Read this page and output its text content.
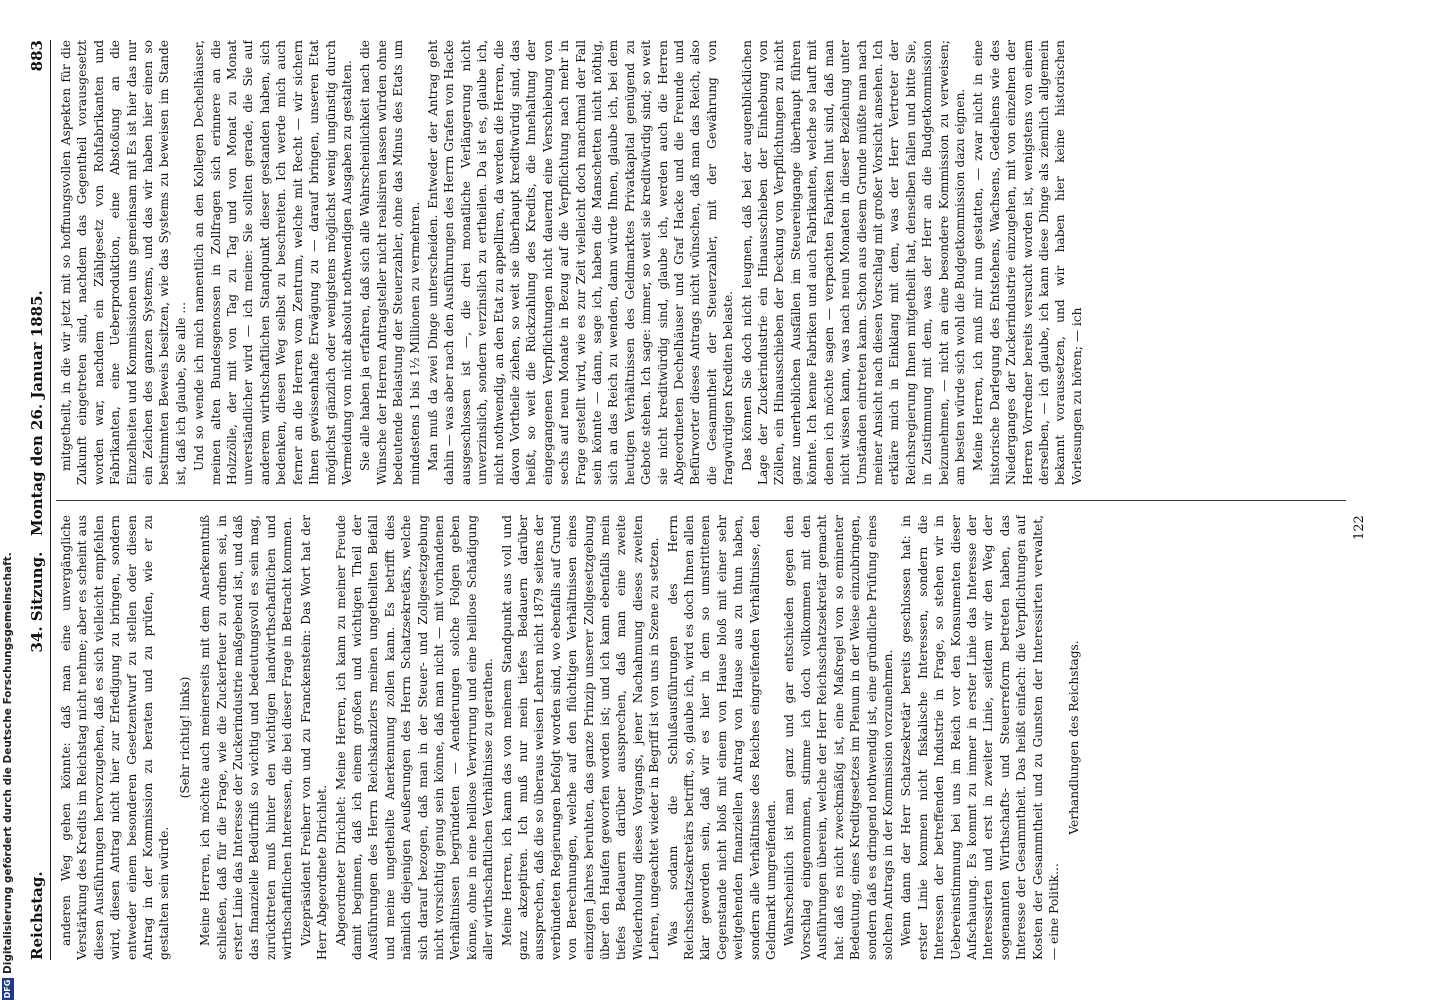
Reichstag.
34. Sitzung.   Montag den 26. Januar 1885.
883

anderen Weg gehen könnte: daß man eine unvergängliche Verstärkung des Kredits im Reichstag nicht nehme; aber es scheint aus diesen Ausführungen hervorzugehen, daß es sich vielleicht empfehlen wird, diesen Antrag nicht hier zur Erledigung zu bringen, sondern entweder einem besonderen Gesetzentwurf zu stellen oder diesen Antrag in der Kommission zu beraten und zu prüfen, wie er zu gestalten sein würde.

(Sehr richtig! links) Meine Herren, ich möchte auch meinerseits mit dem Anerkenntniß schließen, daß für die Frage, wie die Zuckerfeuer zu ordnen sei, in erster Linie das Interesse der Zuckerindustrie maßgebend ist, und daß das finanzielle Bedürfniß so wichtig und bedeutungsvoll es sein mag, zurücktreten muß hinter den wichtigen landwirthschaftlichen und wirthschaftlichen Interessen, die bei dieser Frage in Betracht kommen. Vizepräsident Freiherr von und zu Franckenstein: Das Wort hat der Herr Abgeordnete Dirichlet. Abgeordneter Dirichlet: Meine Herren, ich kann zu meiner Freude damit beginnen, daß ich einem großen und wichtigen Theil der Ausführungen des Herrn Reichskanzlers meinen ungetheilten Beifall und meine ungetheilte Anerkennung zollen kann. Es betrifft dies nämlich diejenigen Aeußerungen des Herrn Schatzsekretärs, welche sich darauf bezogen, daß man in der Steuer- und Zollgesetzgebung nicht vorsichtig genug sein könne, daß man nicht — mit vorhandenen Verhältnissen begründeten — Aenderungen solche Folgen geben könne, ohne in eine heillose Verwirrung und eine heillose Schädigung aller wirthschaftlichen Verhältnisse zu gerathen. Meine Herren, ich kann das von meinem Standpunkt aus voll und ganz akzeptiren. Ich muß nur mein tiefes Bedauern darüber aussprechen, daß die so überaus weisen Lehren nicht 1879 seitens der verbündeten Regierungen befolgt worden sind, wo ebenfalls auf Grund von Berechnungen, welche auf den flüchtigen Verhältnissen eines einzigen Jahres beruhten, das ganze Prinzip unserer Zollgesetzgebung über den Haufen geworfen worden ist; und ich kann ebenfalls mein tiefes Bedauern darüber aussprechen, daß man eine zweite Wiederholung dieses Vorgangs, jener Nachahmung dieses zweiten Lehren, ungeachtet wieder in Begriff ist von uns in Szene zu setzen. Was sodann die Schlußausführungen des Herrn Reichsschatzsekretärs betrifft, so, glaube ich, wird es doch Ihnen allen klar geworden sein, daß wir es hier in dem so umstrittenen Gegenstande nicht bloß mit einem von Hause bloß mit einer sehr weitgehenden finanziellen Antrag von Hause aus zu thun haben, sondern alle Verhältnisse des Reiches eingreifenden Verhältnisse, den Geldmarkt umgreifenden. Wahrscheinlich ist man ganz und gar entschieden gegen den Vorschlag eingenommen, stimme ich doch vollkommen mit den Ausführungen überein, welche der Herr Reichsschatzsekretär gemacht hat: daß es nicht zweckmäßig ist, eine Maßregel von so eminenter Bedeutung, eines Kreditgesetzes im Plenum in der Weise einzubringen, sondern daß es dringend nothwendig ist, eine gründliche Prüfung eines solchen Antrags in der Kommission vorzunehmen. Wenn dann der Herr Schatzsekretär bereits geschlossen hat: in erster Linie kommen nicht fiskalische Interessen, sondern die Interessen der betreffenden Industrie in Frage, so stehen wir in Uebereinstimmung bei uns im Reich vor den Konsumenten dieser Aufschauung. Es kommt zu immer in erster Linie das Interesse der Interessirten und erst in zweiter Linie, seitdem wir den Weg der sogenannten Wirthschafts- und Steuerreform betreten haben, das Interesse der Gesammtheit. Das heißt einfach: die Verpflichtungen auf Kosten der Gesammtheit und zu Gunsten der Interessirten verwaltet, — eine Politik...

Verhandlungen des Reichstags.

mitgetheilt, in die wir jetzt mit so hoffnungsvollen Aspekten für die Zukunft eingetreten sind, nachdem das Gegentheil vorausgesetzt worden war, nachdem ein Zählgesetz von Rohfabrikanten und Fabrikanten, eine Ueberproduktion, eine Abstoßung an die Einzelheiten und Kommissionen uns gemeinsam mit Es ist hier das nur ein Zeichen des ganzen Systems, und das wir haben hier einen so bestimmten Beweis besitzen, wie das Systems zu beweisen im Stande ist, daß ich glaube, Sie alle ... Und so wende ich mich namentlich an den Kollegen Dechelhäuser, meinen alten Bundesgenossen in Zollfragen sich erinnere an die Holzzölle, der mit von Tag zu Tag und von Monat zu Monat unverständlicher wird — ich meine: Sie sollten gerade, die Sie auf anderem wirthschaftlichen Standpunkt dieser gestanden haben, sich bedenken, diesen Weg selbst zu beschreiten. Ich werde mich auch ferner an die Herren vom Zentrum, welche mit Recht — wir sichern Ihnen gewissenhafte Erwägung zu — darauf bringen, unseren Etat möglichst gänzlich oder wenigstens möglichst wenig ungünstig durch Vermeidung von nicht absolut nothwendigen Ausgaben zu gestalten. Sie alle haben ja erfahren, daß sich alle Wahrscheinlichkeit nach die Wünsche der Herren Antragsteller nicht realisiren lassen würden ohne bedeutende Belastung der Steuerzahler, ohne das Minus des Etats um mindestens 1 bis 1½ Millionen zu vermehren. Man muß da zwei Dinge unterscheiden. Entweder der Antrag geht dahin — was aber nach den Ausführungen des Herrn Grafen von Hacke ausgeschlossen ist —, die drei monatliche Verlängerung nicht unverzinslich, sondern verzinslich zu ertheilen. Da ist es, glaube ich, nicht nothwendig, an den Etat zu appelliren, da werden die Herren, die davon Vortheile ziehen, so weit sie überhaupt kreditwürdig sind, das heißt, so weit die Rückzahlung des Kredits, die Innehaltung der eingegangenen Verpflichtungen nicht dauernd eine Verschiebung von sechs auf neun Monate in Bezug auf die Verpflichtung nach mehr in Frage gestellt wird, wie es zur Zeit vielleicht doch manchmal der Fall sein könnte — dann, sage ich, haben die Manschetten nicht nöthig, sich an das Reich zu wenden, dann würde Ihnen, glaube ich, bei dem heutigen Verhältnissen des Geldmarktes Privatkapital genügend zu Gebote stehen. Ich sage: immer, so weit sie kreditwürdig sind; so weit sie nicht kreditwürdig sind, glaube ich, werden auch die Herren Abgeordneten Dechelhäuser und Graf Hacke und die Freunde und Befürworter dieses Antrags nicht wünschen, daß man das Reich, also die Gesammtheit der Steuerzahler, mit der Gewährung von fragwürdigen Krediten belaste. Das können Sie doch nicht leugnen, daß bei der augenblicklichen Lage der Zuckerindustrie ein Hinausschieben der Einhebung von Zöllen, ein Hinausschieben der Deckung von Verpflichtungen zu nicht ganz unerheblichen Ausfällen im Steuereingange überhaupt führen könnte. Ich kenne Fabriken und auch Fabrikanten, welche so lauft mit denen ich möchte sagen — verpachten Fabriken lhut sind, daß man nicht wissen kann, was nach neun Monaten in dieser Beziehung unter Umständen eintreten kann. Schon aus diesem Grunde müßte man nach meiner Ansicht nach diesen Vorschlag mit großer Vorsicht ansehen. Ich erkläre mich in Einklang mit dem, was der Herr Vertreter der Reichsregierung Ihnen mitgetheilt hat, denselben fallen und bitte Sie, in Zustimmung mit dem, was der Herr an die Budgetkommission beizunehmen, — nicht an eine besondere Kommission zu verweisen; am besten würde sich wohl die Budgetkommission dazu eignen. Meine Herren, ich muß mir nun gestatten, — zwar nicht in eine historische Darlegung des Entstehens, Wachsens, Gedeihens wie des Niederganges der Zuckerindustrie einzugehen, mit von einzelnen der Herren Vorredner bereits versucht worden ist, wenigstens von einem derselben, — ich glaube, ich kann diese Dinge als ziemlich allgemein bekannt voraussetzen, und wir haben hier keine historischen Vorlesungen zu hören; — ich

122
DFG
Digitalisierung gefördert durch die Deutsche Forschungsgemeinschaft.
